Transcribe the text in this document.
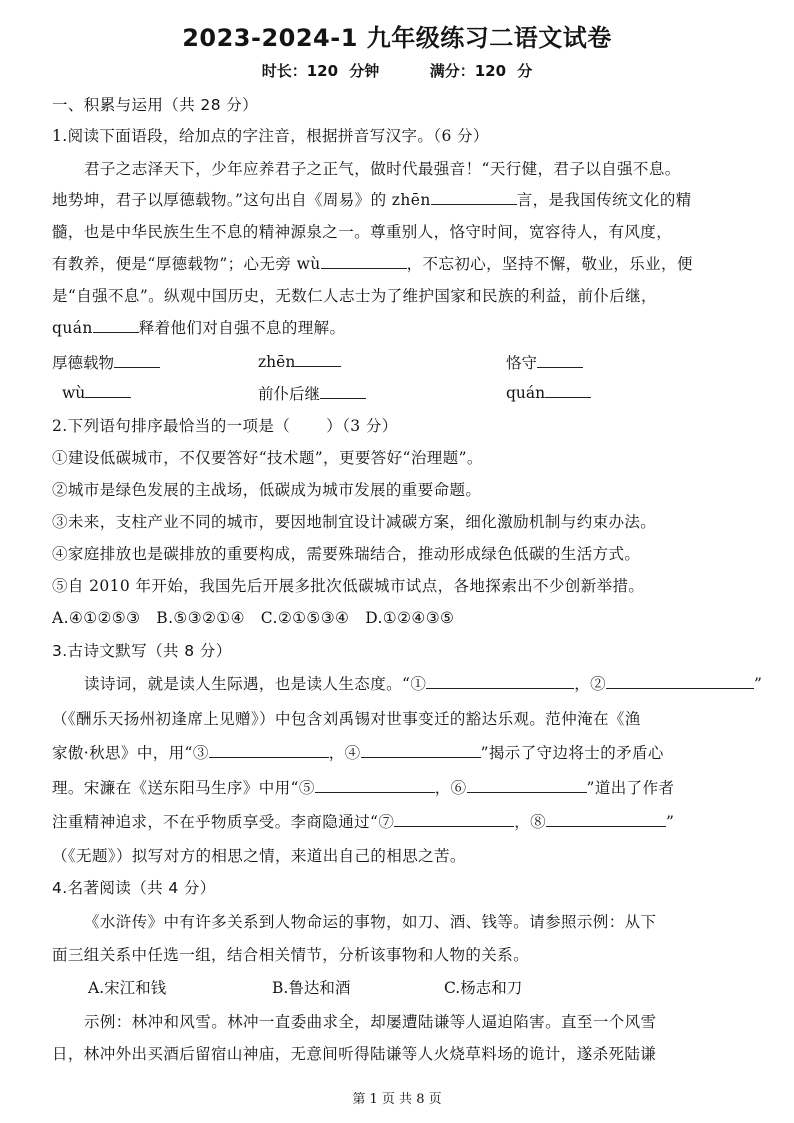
2023-2024-1 九年级练习二语文试卷
时长：120 分钟	满分：120 分
一、积累与运用（共 28 分）
1.阅读下面语段，给加点的字注音，根据拼音写汉字。（6 分）
君子之志泽天下，少年应养君子之正气，做时代最强音！“天行健，君子以自强不息。
地势坤，君子以厚德载物。”这句出自《周易》的 zhēn	言，是我国传统文化的精
髓，也是中华民族生生不息的精神源泉之一。尊重别人，恪守时间，宽容待人，有风度，
有教养，便是“厚德载物”；心无旁 wù	，不忘初心，坚持不懈，敬业，乐业，便
是“自强不息”。纵观中国历史，无数仁人志士为了维护国家和民族的利益，前仆后继，
quán	释着他们对自强不息的理解。
厚德载物	zhēn	恪守
wù	前仆后继	quán
2.下列语句排序最恰当的一项是（ ）（3 分）
①建设低碳城市，不仅要答好“技术题”，更要答好“治理题”。
②城市是绿色发展的主战场，低碳成为城市发展的重要命题。
③未来，支柱产业不同的城市，要因地制宜设计减碳方案，细化激励机制与约束办法。
④家庭排放也是碳排放的重要构成，需要殊瑞结合，推动形成绿色低碳的生活方式。
⑤自 2010 年开始，我国先后开展多批次低碳城市试点，各地探索出不少创新举措。
A.④①②⑤③　B.⑤③②①④　C.②①⑤③④　D.①②④③⑤
3.古诗文默写（共 8 分）
读诗词，就是读人生际遇，也是读人生态度。“①	，②	”
（《酬乐天扬州初逢席上见赠》）中包含刘禹锡对世事变迁的豁达乐观。范仲淹在《渔
家傲·秋思》中，用“③	，④	”揭示了守边将士的矛盾心
理。宋濂在《送东阳马生序》中用“⑤	，⑥	”道出了作者
注重精神追求，不在乎物质享受。李商隐通过“⑦	，⑧	”
（《无题》）拟写对方的相思之情，来道出自己的相思之苦。
4.名著阅读（共 4 分）
《水浒传》中有许多关系到人物命运的事物，如刀、酒、钱等。请参照示例：从下
面三组关系中任选一组，结合相关情节，分析该事物和人物的关系。
A.宋江和钱	B.鲁达和酒	C.杨志和刀
示例：林冲和风雪。林冲一直委曲求全，却屡遭陆谦等人逼迫陷害。直至一个风雪
日，林冲外出买酒后留宿山神庙，无意间听得陆谦等人火烧草料场的诡计，遂杀死陆谦
第 1 页 共 8 页
